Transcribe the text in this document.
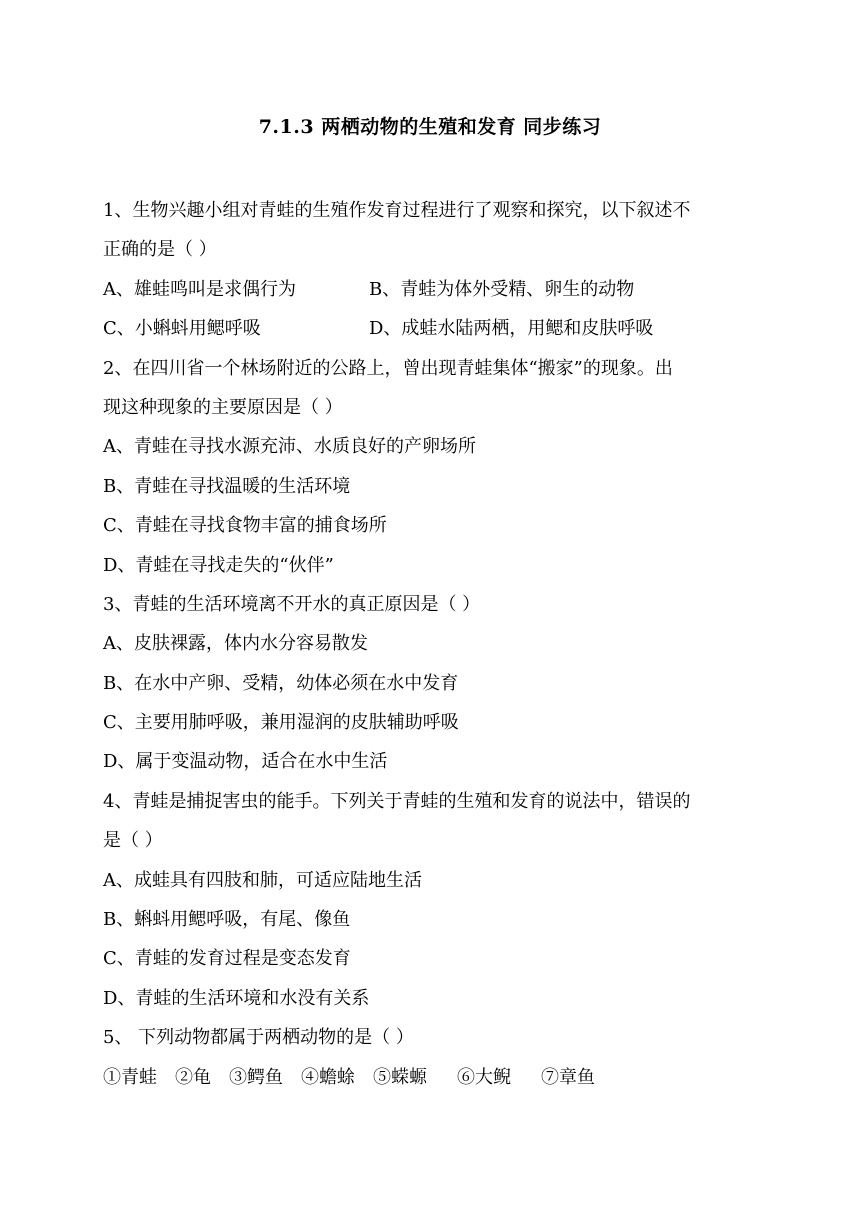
7.1.3 两栖动物的生殖和发育 同步练习
1、生物兴趣小组对青蛙的生殖作发育过程进行了观察和探究，以下叙述不
正确的是（ ）
A、雄蛙鸣叫是求偶行为	B、青蛙为体外受精、卵生的动物
C、小蝌蚪用鳃呼吸	D、成蛙水陆两栖，用鳃和皮肤呼吸
2、在四川省一个林场附近的公路上，曾出现青蛙集体“搬家”的现象。出
现这种现象的主要原因是（ ）
A、青蛙在寻找水源充沛、水质良好的产卵场所
B、青蛙在寻找温暖的生活环境
C、青蛙在寻找食物丰富的捕食场所
D、青蛙在寻找走失的“伙伴”
3、青蛙的生活环境离不开水的真正原因是（ ）
A、皮肤裸露，体内水分容易散发
B、在水中产卵、受精，幼体必须在水中发育
C、主要用肺呼吸，兼用湿润的皮肤辅助呼吸
D、属于变温动物，适合在水中生活
4、青蛙是捕捉害虫的能手。下列关于青蛙的生殖和发育的说法中，错误的
是（ ）
A、成蛙具有四肢和肺，可适应陆地生活
B、蝌蚪用鳃呼吸，有尾、像鱼
C、青蛙的发育过程是变态发育
D、青蛙的生活环境和水没有关系
5、 下列动物都属于两栖动物的是（ ）
①青蛙 ②龟 ③鳄鱼 ④蟾蜍 ⑤蝾螈 ⑥大鲵 ⑦章鱼
